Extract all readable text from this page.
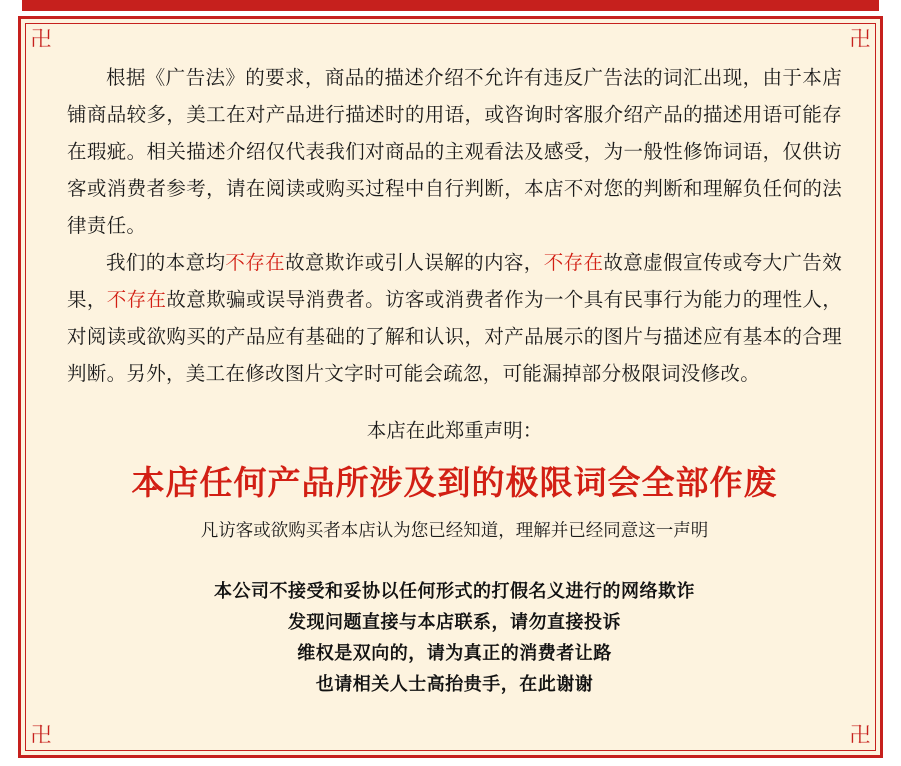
卍	卍
卍	卍

根据《广告法》的要求，商品的描述介绍不允许有违反广告法的词汇出现，由于本店铺商品较多，美工在对产品进行描述时的用语，或咨询时客服介绍产品的描述用语可能存在瑕疵。相关描述介绍仅代表我们对商品的主观看法及感受，为一般性修饰词语，仅供访客或消费者参考，请在阅读或购买过程中自行判断，本店不对您的判断和理解负任何的法律责任。

我们的本意均不存在故意欺诈或引人误解的内容，不存在故意虚假宣传或夸大广告效果，不存在故意欺骗或误导消费者。访客或消费者作为一个具有民事行为能力的理性人，对阅读或欲购买的产品应有基础的了解和认识，对产品展示的图片与描述应有基本的合理判断。另外，美工在修改图片文字时可能会疏忽，可能漏掉部分极限词没修改。

本店在此郑重声明：
本店任何产品所涉及到的极限词会全部作废
凡访客或欲购买者本店认为您已经知道，理解并已经同意这一声明
本公司不接受和妥协以任何形式的打假名义进行的网络欺诈
发现问题直接与本店联系，请勿直接投诉
维权是双向的，请为真正的消费者让路
也请相关人士高抬贵手，在此谢谢
